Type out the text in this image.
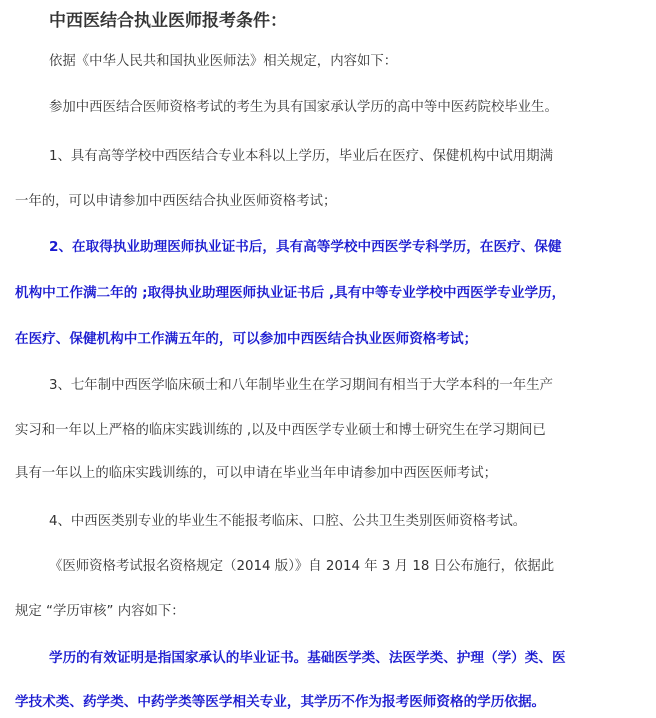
中西医结合执业医师报考条件：
依据《中华人民共和国执业医师法》相关规定，内容如下：
参加中西医结合医师资格考试的考生为具有国家承认学历的高中等中医药院校毕业生。
1、具有高等学校中西医结合专业本科以上学历，毕业后在医疗、保健机构中试用期满
一年的，可以申请参加中西医结合执业医师资格考试；
2、在取得执业助理医师执业证书后，具有高等学校中西医学专科学历，在医疗、保健
机构中工作满二年的 ;取得执业助理医师执业证书后 ,具有中等专业学校中西医学专业学历，
在医疗、保健机构中工作满五年的，可以参加中西医结合执业医师资格考试；
3、七年制中西医学临床硕士和八年制毕业生在学习期间有相当于大学本科的一年生产
实习和一年以上严格的临床实践训练的 ,以及中西医学专业硕士和博士研究生在学习期间已
具有一年以上的临床实践训练的，可以申请在毕业当年申请参加中西医医师考试；
4、中西医类别专业的毕业生不能报考临床、口腔、公共卫生类别医师资格考试。
《医师资格考试报名资格规定（2014 版）》自 2014 年 3 月 18 日公布施行，依据此
规定 “学历审核” 内容如下：
学历的有效证明是指国家承认的毕业证书。基础医学类、法医学类、护理（学）类、医
学技术类、药学类、中药学类等医学相关专业，其学历不作为报考医师资格的学历依据。
